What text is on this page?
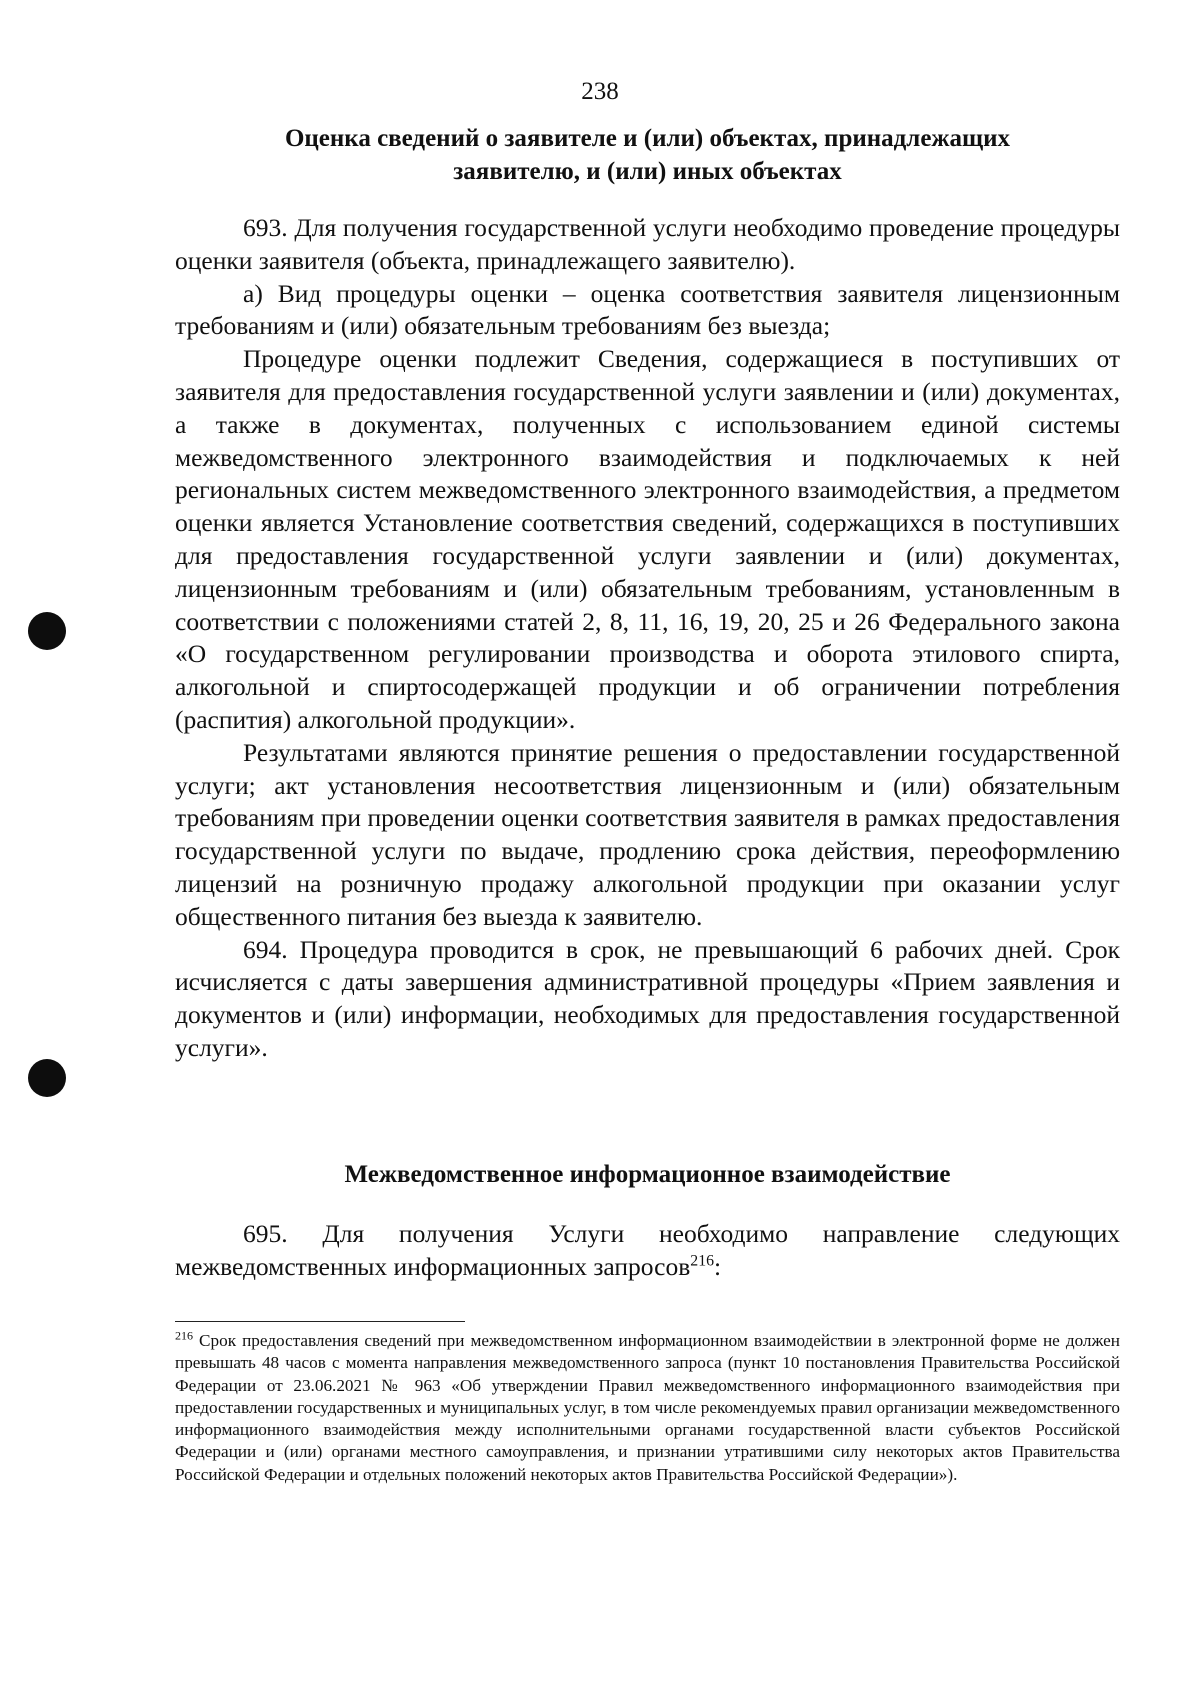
238
Оценка сведений о заявителе и (или) объектах, принадлежащих
заявителю, и (или) иных объектах

693. Для получения государственной услуги необходимо проведение процедуры оценки заявителя (объекта, принадлежащего заявителю).

а) Вид процедуры оценки – оценка соответствия заявителя лицензионным требованиям и (или) обязательным требованиям без выезда;

Процедуре оценки подлежит Сведения, содержащиеся в поступивших от заявителя для предоставления государственной услуги заявлении и (или) документах, а также в документах, полученных с использованием единой системы межведомственного электронного взаимодействия и подключаемых к ней региональных систем межведомственного электронного взаимодействия, а предметом оценки является Установление соответствия сведений, содержащихся в поступивших для предоставления государственной услуги заявлении и (или) документах, лицензионным требованиям и (или) обязательным требованиям, установленным в соответствии с положениями статей 2, 8, 11, 16, 19, 20, 25 и 26 Федерального закона «О государственном регулировании производства и оборота этилового спирта, алкогольной и спиртосодержащей продукции и об ограничении потребления (распития) алкогольной продукции».

Результатами являются принятие решения о предоставлении государственной услуги; акт установления несоответствия лицензионным и (или) обязательным требованиям при проведении оценки соответствия заявителя в рамках предоставления государственной услуги по выдаче, продлению срока действия, переоформлению лицензий на розничную продажу алкогольной продукции при оказании услуг общественного питания без выезда к заявителю.

694. Процедура проводится в срок, не превышающий 6 рабочих дней. Срок исчисляется с даты завершения административной процедуры «Прием заявления и документов и (или) информации, необходимых для предоставления государственной услуги».

Межведомственное информационное взаимодействие

695. Для получения Услуги необходимо направление следующих межведомственных информационных запросов$^{216}$:

$^{216}$ Срок предоставления сведений при межведомственном информационном взаимодействии в электронной форме не должен превышать 48 часов с момента направления межведомственного запроса (пункт 10 постановления Правительства Российской Федерации от 23.06.2021 № 963 «Об утверждении Правил межведомственного информационного взаимодействия при предоставлении государственных и муниципальных услуг, в том числе рекомендуемых правил организации межведомственного информационного взаимодействия между исполнительными органами государственной власти субъектов Российской Федерации и (или) органами местного самоуправления, и признании утратившими силу некоторых актов Правительства Российской Федерации и отдельных положений некоторых актов Правительства Российской Федерации»).
